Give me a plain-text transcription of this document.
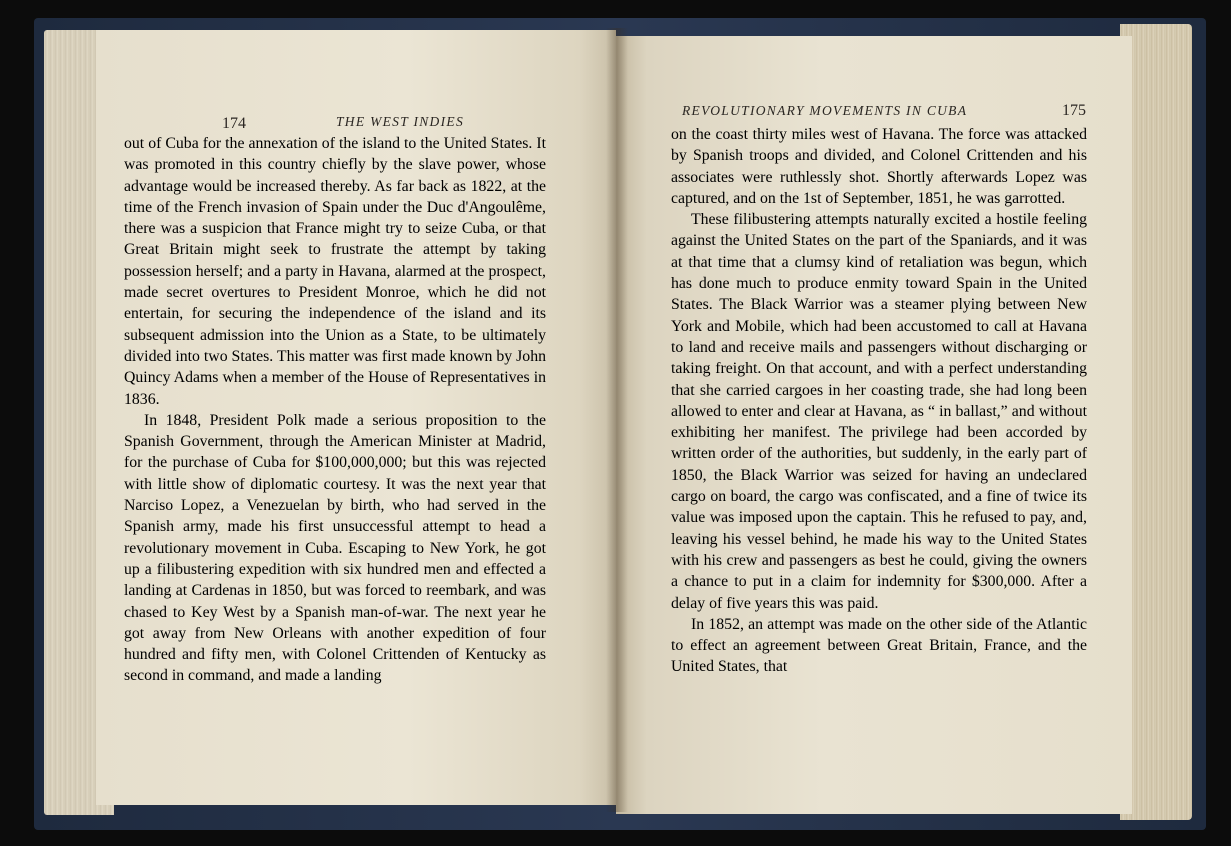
174	THE WEST INDIES
REVOLUTIONARY MOVEMENTS IN CUBA	175

out of Cuba for the annexation of the island to the United States. It was promoted in this country chiefly by the slave power, whose advantage would be increased thereby. As far back as 1822, at the time of the French invasion of Spain under the Duc d'Angoulême, there was a suspicion that France might try to seize Cuba, or that Great Britain might seek to frustrate the attempt by taking possession herself; and a party in Havana, alarmed at the prospect, made secret overtures to President Monroe, which he did not entertain, for securing the independence of the island and its subsequent admission into the Union as a State, to be ultimately divided into two States. This matter was first made known by John Quincy Adams when a member of the House of Representatives in 1836.

In 1848, President Polk made a serious proposition to the Spanish Government, through the American Minister at Madrid, for the purchase of Cuba for $100,000,000; but this was rejected with little show of diplomatic courtesy. It was the next year that Narciso Lopez, a Venezuelan by birth, who had served in the Spanish army, made his first unsuccessful attempt to head a revolutionary movement in Cuba. Escaping to New York, he got up a filibustering expedition with six hundred men and effected a landing at Cardenas in 1850, but was forced to reembark, and was chased to Key West by a Spanish man-of-war. The next year he got away from New Orleans with another expedition of four hundred and fifty men, with Colonel Crittenden of Kentucky as second in command, and made a landing

on the coast thirty miles west of Havana. The force was attacked by Spanish troops and divided, and Colonel Crittenden and his associates were ruthlessly shot. Shortly afterwards Lopez was captured, and on the 1st of September, 1851, he was garrotted.

These filibustering attempts naturally excited a hostile feeling against the United States on the part of the Spaniards, and it was at that time that a clumsy kind of retaliation was begun, which has done much to produce enmity toward Spain in the United States. The Black Warrior was a steamer plying between New York and Mobile, which had been accustomed to call at Havana to land and receive mails and passengers without discharging or taking freight. On that account, and with a perfect understanding that she carried cargoes in her coasting trade, she had long been allowed to enter and clear at Havana, as “ in ballast,” and without exhibiting her manifest. The privilege had been accorded by written order of the authorities, but suddenly, in the early part of 1850, the Black Warrior was seized for having an undeclared cargo on board, the cargo was confiscated, and a fine of twice its value was imposed upon the captain. This he refused to pay, and, leaving his vessel behind, he made his way to the United States with his crew and passengers as best he could, giving the owners a chance to put in a claim for indemnity for $300,000. After a delay of five years this was paid.

In 1852, an attempt was made on the other side of the Atlantic to effect an agreement between Great Britain, France, and the United States, that
